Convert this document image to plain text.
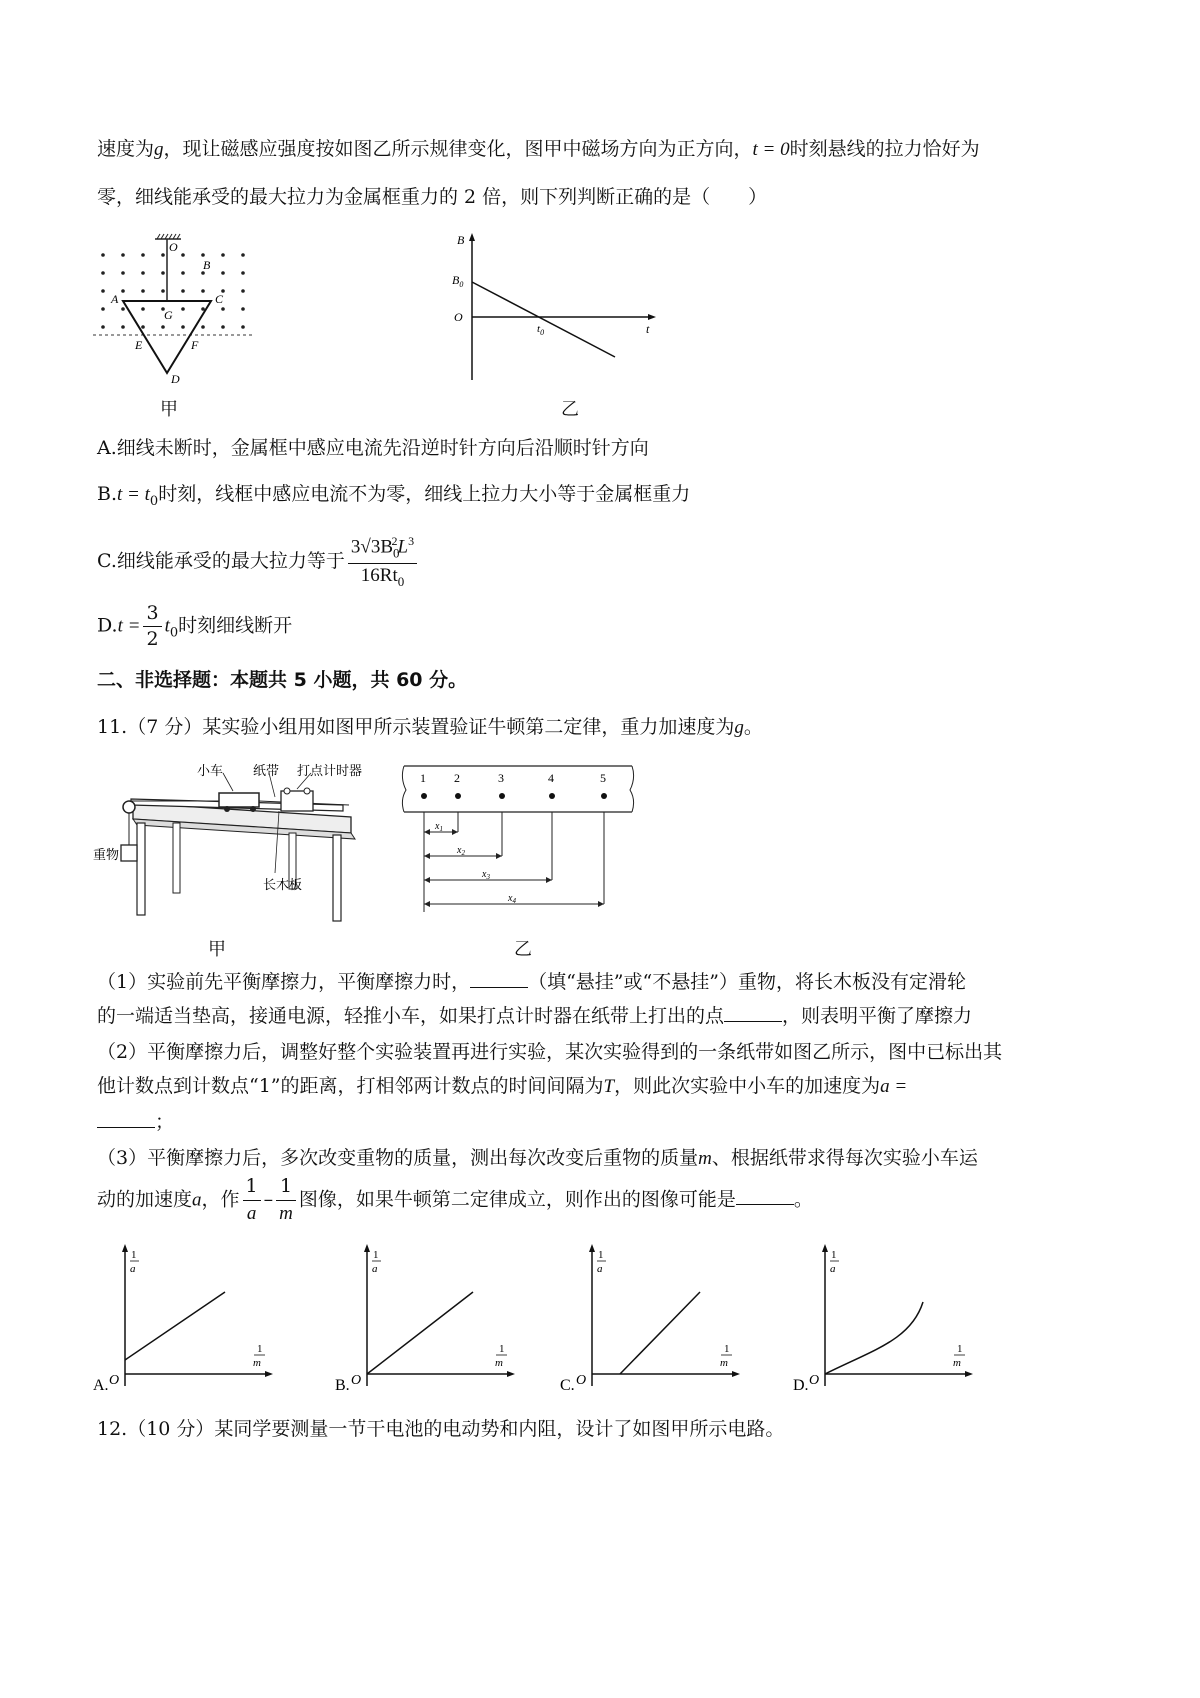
速度为g，现让磁感应强度按如图乙所示规律变化，图甲中磁场方向为正方向，t = 0时刻悬线的拉力恰好为
零，细线能承受的最大拉力为金属框重力的 2 倍，则下列判断正确的是（　　）
O
B
A	C
G
E	F
D
甲
B
$B_0$
O
$t_0$	t
乙
A.细线未断时，金属框中感应电流先沿逆时针方向后沿顺时针方向
$B.t = t_0$时刻，线框中感应电流不为零，细线上拉力大小等于金属框重力
C.细线能承受的最大拉力等于 $\frac{3√3B_0^2L^3}{16Rt_0}$
$D.t = \frac{3}{2} t_0$时刻细线断开
二、非选择题：本题共 5 小题，共 60 分。
11.（7 分）某实验小组用如图甲所示装置验证牛顿第二定律，重力加速度为g。
小车 纸带 打点计时器
重物
长木板
甲
1 2	3	4	5
$x_1$
$x_2$
$x_3$
$x_4$
乙
（1）实验前先平衡摩擦力，平衡摩擦力时，	（填“悬挂”或“不悬挂”）重物，将长木板没有定滑轮
的一端适当垫高，接通电源，轻推小车，如果打点计时器在纸带上打出的点	，则表明平衡了摩擦力
（2）平衡摩擦力后，调整好整个实验装置再进行实验，某次实验得到的一条纸带如图乙所示，图中已标出其
他计数点到计数点“1”的距离，打相邻两计数点的时间间隔为T，则此次实验中小车的加速度为a =
；
（3）平衡摩擦力后，多次改变重物的质量，测出每次改变后重物的质量m、根据纸带求得每次实验小车运
动的加速度a，作 $\frac{1}{a} - \frac{1}{m}$ 图像，如果牛顿第二定律成立，则作出的图像可能是	。
1
a
1
m
O
A.
1
a
1
m
O
B.
1
a
1
m
O
C.
1
a
1
m
O
D.
12.（10 分）某同学要测量一节干电池的电动势和内阻，设计了如图甲所示电路。
